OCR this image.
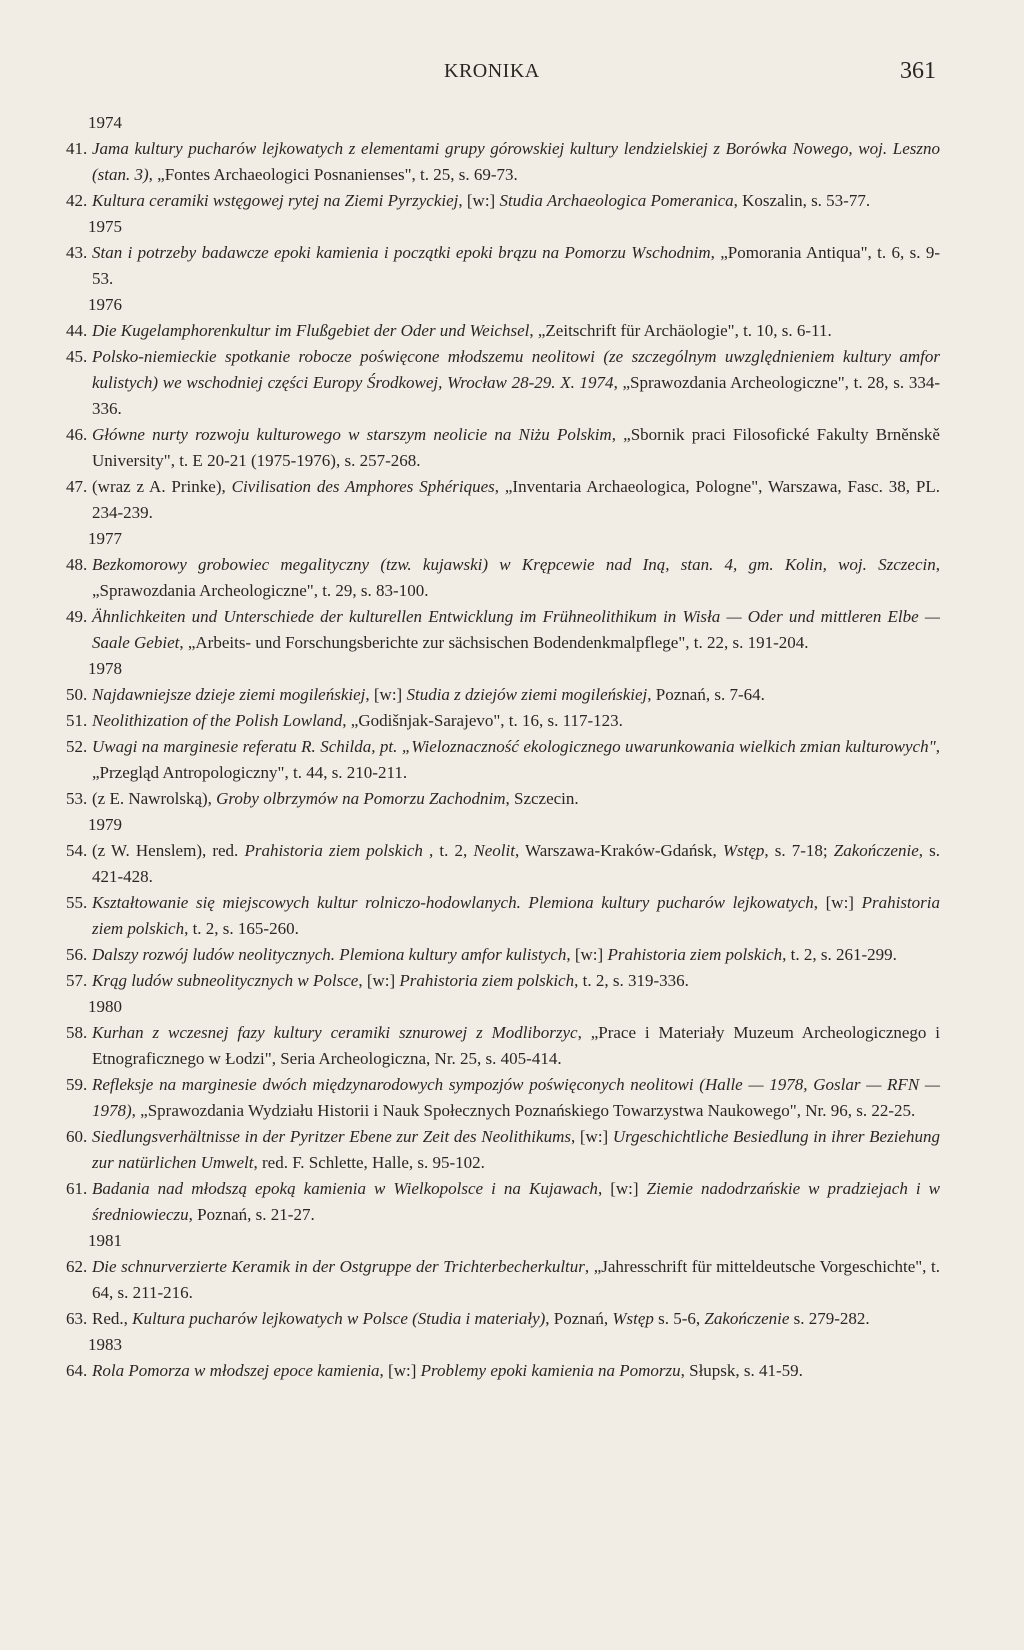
KRONIKA	361
1974
41. Jama kultury pucharów lejkowatych z elementami grupy górowskiej kultury lendzielskiej z Borówka Nowego, woj. Leszno (stan. 3), „Fontes Archaeologici Posnanienses", t. 25, s. 69-73.
42. Kultura ceramiki wstęgowej rytej na Ziemi Pyrzyckiej, [w:] Studia Archaeologica Pomeranica, Koszalin, s. 53-77.
1975
43. Stan i potrzeby badawcze epoki kamienia i początki epoki brązu na Pomorzu Wschodnim, „Pomorania Antiqua", t. 6, s. 9-53.
1976
44. Die Kugelamphorenkultur im Flußgebiet der Oder und Weichsel, „Zeitschrift für Archäologie", t. 10, s. 6-11.
45. Polsko-niemieckie spotkanie robocze poświęcone młodszemu neolitowi (ze szczególnym uwzględnieniem kultury amfor kulistych) we wschodniej części Europy Środkowej, Wrocław 28-29. X. 1974, „Sprawozdania Archeologiczne", t. 28, s. 334-336.
46. Główne nurty rozwoju kulturowego w starszym neolicie na Niżu Polskim, „Sbornik praci Filosofické Fakulty Brněnskě University", t. E 20-21 (1975-1976), s. 257-268.
47. (wraz z A. Prinke), Civilisation des Amphores Sphériques, „Inventaria Archaeologica, Pologne", Warszawa, Fasc. 38, PL. 234-239.
1977
48. Bezkomorowy grobowiec megalityczny (tzw. kujawski) w Krępcewie nad Iną, stan. 4, gm. Kolin, woj. Szczecin, „Sprawozdania Archeologiczne", t. 29, s. 83-100.
49. Ähnlichkeiten und Unterschiede der kulturellen Entwicklung im Frühneolithikum in Wisła — Oder und mittleren Elbe — Saale Gebiet, „Arbeits- und Forschungsberichte zur sächsischen Bodendenkmalpflege", t. 22, s. 191-204.
1978
50. Najdawniejsze dzieje ziemi mogileńskiej, [w:] Studia z dziejów ziemi mogileńskiej, Poznań, s. 7-64.
51. Neolithization of the Polish Lowland, „Godišnjak-Sarajevo", t. 16, s. 117-123.
52. Uwagi na marginesie referatu R. Schilda, pt. „Wieloznaczność ekologicznego uwarunkowania wielkich zmian kulturowych", „Przegląd Antropologiczny", t. 44, s. 210-211.
53. (z E. Nawrolską), Groby olbrzymów na Pomorzu Zachodnim, Szczecin.
1979
54. (z W. Henslem), red. Prahistoria ziem polskich , t. 2, Neolit, Warszawa-Kraków-Gdańsk, Wstęp, s. 7-18; Zakończenie, s. 421-428.
55. Kształtowanie się miejscowych kultur rolniczo-hodowlanych. Plemiona kultury pucharów lejkowatych, [w:] Prahistoria ziem polskich, t. 2, s. 165-260.
56. Dalszy rozwój ludów neolitycznych. Plemiona kultury amfor kulistych, [w:] Prahistoria ziem polskich, t. 2, s. 261-299.
57. Krąg ludów subneolitycznych w Polsce, [w:] Prahistoria ziem polskich, t. 2, s. 319-336.
1980
58. Kurhan z wczesnej fazy kultury ceramiki sznurowej z Modliborzyc, „Prace i Materiały Muzeum Archeologicznego i Etnograficznego w Łodzi", Seria Archeologiczna, Nr. 25, s. 405-414.
59. Refleksje na marginesie dwóch międzynarodowych sympozjów poświęconych neolitowi (Halle — 1978, Goslar — RFN — 1978), „Sprawozdania Wydziału Historii i Nauk Społecznych Poznańskiego Towarzystwa Naukowego", Nr. 96, s. 22-25.
60. Siedlungsverhältnisse in der Pyritzer Ebene zur Zeit des Neolithikums, [w:] Urgeschichtliche Besiedlung in ihrer Beziehung zur natürlichen Umwelt, red. F. Schlette, Halle, s. 95-102.
61. Badania nad młodszą epoką kamienia w Wielkopolsce i na Kujawach, [w:] Ziemie nadodrzańskie w pradziejach i w średniowieczu, Poznań, s. 21-27.
1981
62. Die schnurverzierte Keramik in der Ostgruppe der Trichterbecherkultur, „Jahresschrift für mitteldeutsche Vorgeschichte", t. 64, s. 211-216.
63. Red., Kultura pucharów lejkowatych w Polsce (Studia i materiały), Poznań, Wstęp s. 5-6, Zakończenie s. 279-282.
1983
64. Rola Pomorza w młodszej epoce kamienia, [w:] Problemy epoki kamienia na Pomorzu, Słupsk, s. 41-59.
